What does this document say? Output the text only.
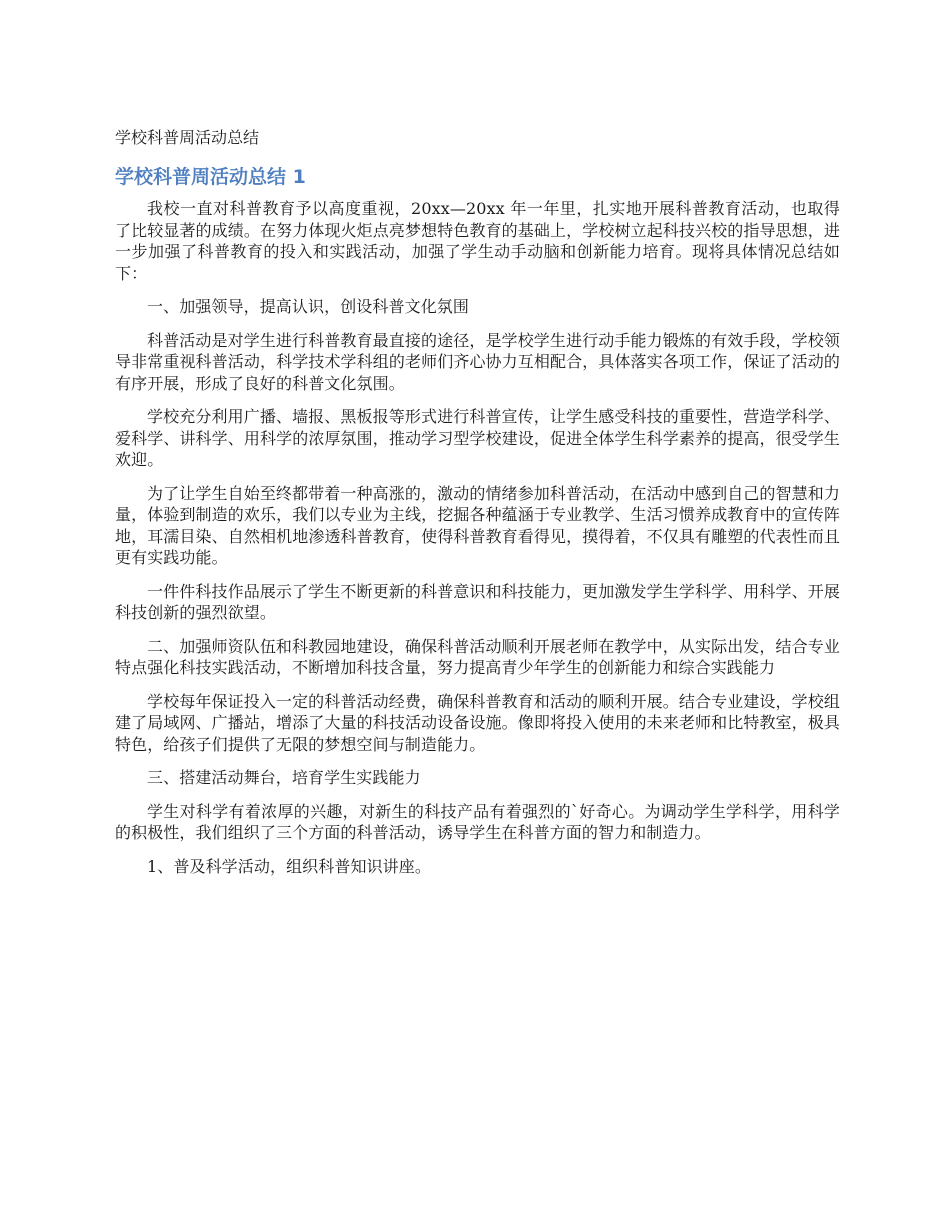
学校科普周活动总结
学校科普周活动总结 1

我校一直对科普教育予以高度重视，20xx—20xx 年一年里，扎实地开展科普教育活动，也取得了比较显著的成绩。在努力体现火炬点亮梦想特色教育的基础上，学校树立起科技兴校的指导思想，进一步加强了科普教育的投入和实践活动，加强了学生动手动脑和创新能力培育。现将具体情况总结如下：

一、加强领导，提高认识，创设科普文化氛围

科普活动是对学生进行科普教育最直接的途径，是学校学生进行动手能力锻炼的有效手段，学校领导非常重视科普活动，科学技术学科组的老师们齐心协力互相配合，具体落实各项工作，保证了活动的有序开展，形成了良好的科普文化氛围。

学校充分利用广播、墙报、黑板报等形式进行科普宣传，让学生感受科技的重要性，营造学科学、爱科学、讲科学、用科学的浓厚氛围，推动学习型学校建设，促进全体学生科学素养的提高，很受学生欢迎。

为了让学生自始至终都带着一种高涨的，激动的情绪参加科普活动，在活动中感到自己的智慧和力量，体验到制造的欢乐，我们以专业为主线，挖掘各种蕴涵于专业教学、生活习惯养成教育中的宣传阵地，耳濡目染、自然相机地渗透科普教育，使得科普教育看得见，摸得着，不仅具有雕塑的代表性而且更有实践功能。

一件件科技作品展示了学生不断更新的科普意识和科技能力，更加激发学生学科学、用科学、开展科技创新的强烈欲望。

二、加强师资队伍和科教园地建设，确保科普活动顺利开展老师在教学中，从实际出发，结合专业特点强化科技实践活动，不断增加科技含量，努力提高青少年学生的创新能力和综合实践能力

学校每年保证投入一定的科普活动经费，确保科普教育和活动的顺利开展。结合专业建设，学校组建了局域网、广播站，增添了大量的科技活动设备设施。像即将投入使用的未来老师和比特教室，极具特色，给孩子们提供了无限的梦想空间与制造能力。

三、搭建活动舞台，培育学生实践能力

学生对科学有着浓厚的兴趣，对新生的科技产品有着强烈的`好奇心。为调动学生学科学，用科学的积极性，我们组织了三个方面的科普活动，诱导学生在科普方面的智力和制造力。

1、普及科学活动，组织科普知识讲座。
